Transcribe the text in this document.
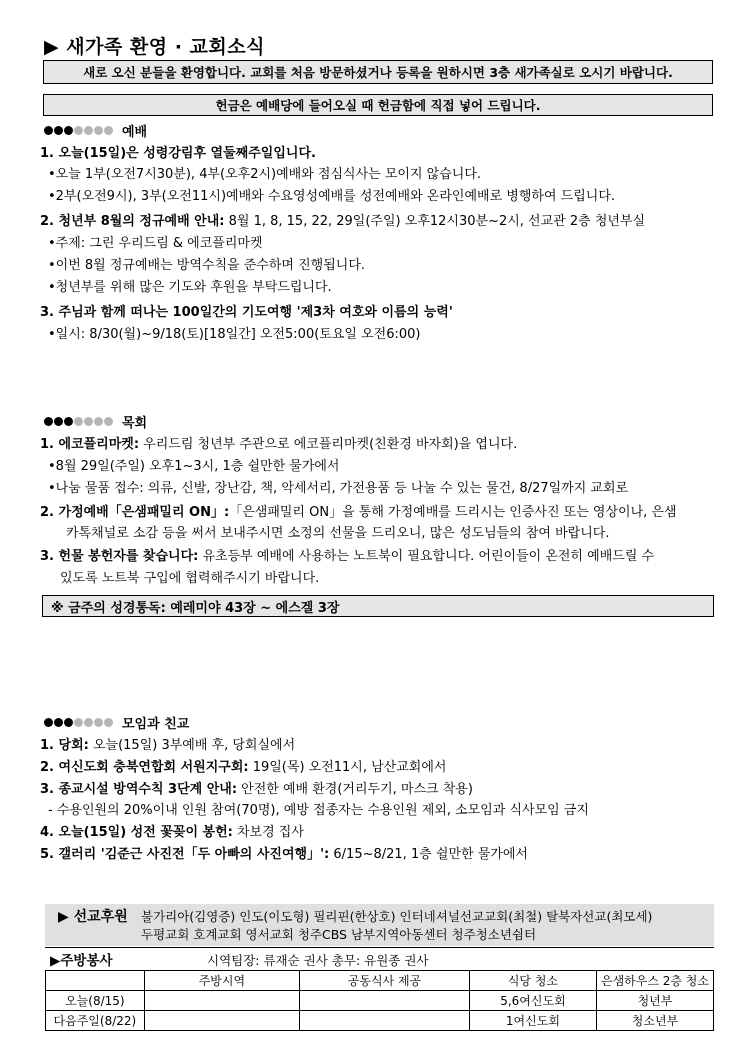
▶ 새가족 환영 · 교회소식
새로 오신 분들을 환영합니다. 교회를 처음 방문하셨거나 등록을 원하시면 3층 새가족실로 오시기 바랍니다.
헌금은 예배당에 들어오실 때 헌금함에 직접 넣어 드립니다.
예배
1. 오늘(15일)은 성령강림후 열둘째주일입니다.
•오늘 1부(오전7시30분), 4부(오후2시)예배와 점심식사는 모이지 않습니다.
•2부(오전9시), 3부(오전11시)예배와 수요영성예배를 성전예배와 온라인예배로 병행하여 드립니다.
2. 청년부 8월의 정규예배 안내: 8월 1, 8, 15, 22, 29일(주일) 오후12시30분~2시, 선교관 2층 청년부실
•주제: 그린 우리드림 & 에코플리마켓
•이번 8월 정규예배는 방역수칙을 준수하며 진행됩니다.
•청년부를 위해 많은 기도와 후원을 부탁드립니다.
3. 주님과 함께 떠나는 100일간의 기도여행 '제3차 여호와 이름의 능력'
•일시: 8/30(월)~9/18(토)[18일간] 오전5:00(토요일 오전6:00)
목회
1. 에코플리마켓: 우리드림 청년부 주관으로 에코플리마켓(친환경 바자회)을 엽니다.
•8월 29일(주일) 오후1~3시, 1층 쉴만한 물가에서
•나눔 물품 접수: 의류, 신발, 장난감, 책, 악세서리, 가전용품 등 나눌 수 있는 물건, 8/27일까지 교회로
2. 가정예배「은샘패밀리 ON」:「은샘패밀리 ON」을 통해 가정예배를 드리시는 인증사진 또는 영상이나, 은샘
카톡채널로 소감 등을 써서 보내주시면 소정의 선물을 드리오니, 많은 성도님들의 참여 바랍니다.
3. 헌물 봉헌자를 찾습니다: 유초등부 예배에 사용하는 노트북이 필요합니다. 어린이들이 온전히 예배드릴 수
있도록 노트북 구입에 협력해주시기 바랍니다.
※ 금주의 성경통독: 예레미야 43장 ~ 에스겔 3장
모임과 친교
1. 당회: 오늘(15일) 3부예배 후, 당회실에서
2. 여신도회 충북연합회 서원지구회: 19일(목) 오전11시, 남산교회에서
3. 종교시설 방역수칙 3단계 안내: 안전한 예배 환경(거리두기, 마스크 착용)
- 수용인원의 20%이내 인원 참여(70명), 예방 접종자는 수용인원 제외, 소모임과 식사모임 금지
4. 오늘(15일) 성전 꽃꽂이 봉헌: 차보경 집사
5. 갤러리 '김준근 사진전「두 아빠의 사진여행」': 6/15~8/21, 1층 쉴만한 물가에서
▶ 선교후원 불가리아(김영증) 인도(이도형) 필리핀(한상호) 인터네셔널선교교회(최철) 탈북자선교(최모세)
두평교회 호계교회 영서교회 청주CBS 남부지역아동센터 청주청소년쉼터
▶주방봉사	시역팀장: 류재순 권사 총무: 유원종 권사
	주방시역	공동식사 제공	식당 청소	은샘하우스 2층 청소
오늘(8/15)			5,6여신도회	청년부
다음주일(8/22)			1여신도회	청소년부
